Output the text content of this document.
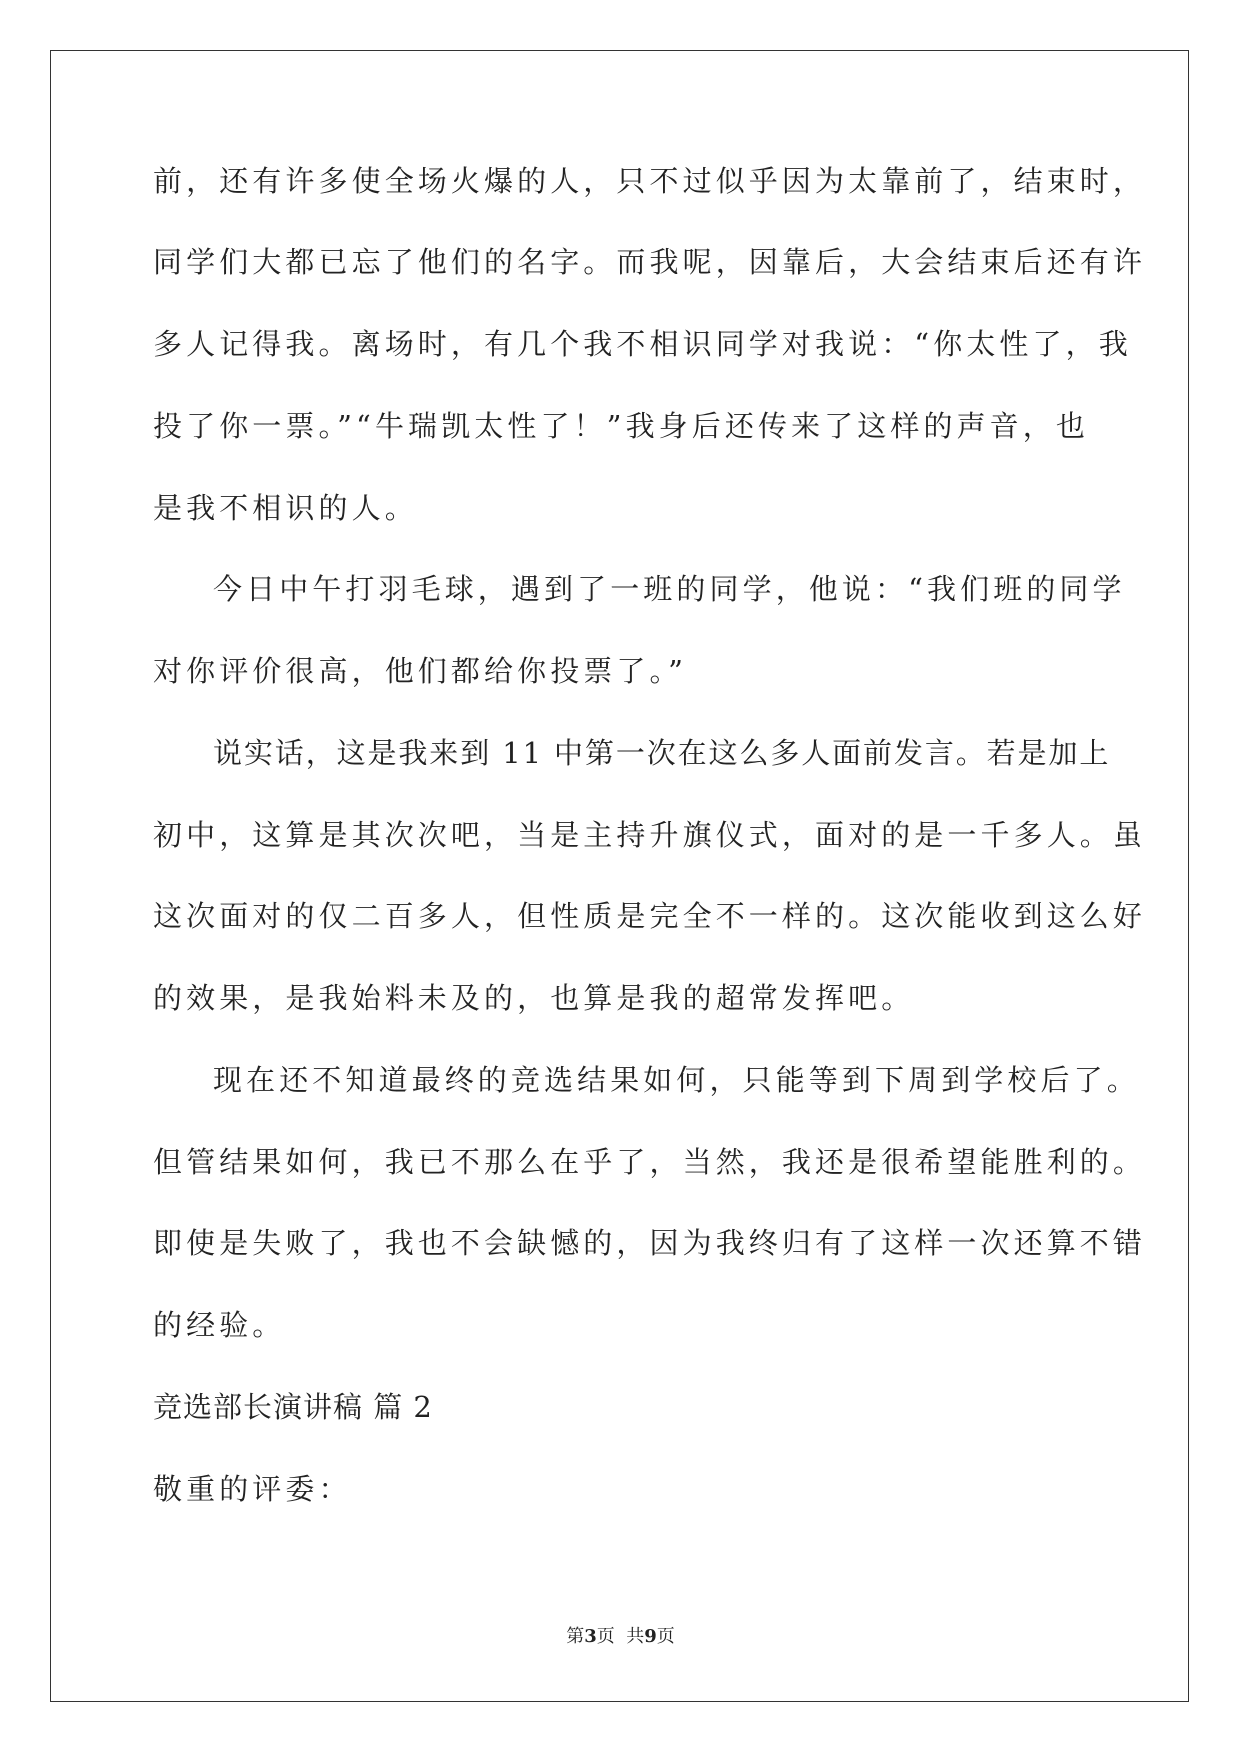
前，还有许多使全场火爆的人，只不过似乎因为太靠前了，结束时，
同学们大都已忘了他们的名字。而我呢，因靠后，大会结束后还有许
多人记得我。离场时，有几个我不相识同学对我说：“你太性了，我
投了你一票。”“牛瑞凯太性了！”我身后还传来了这样的声音，也
是我不相识的人。
今日中午打羽毛球，遇到了一班的同学，他说：“我们班的同学
对你评价很高，他们都给你投票了。”
说实话，这是我来到 11 中第一次在这么多人面前发言。若是加上
初中，这算是其次次吧，当是主持升旗仪式，面对的是一千多人。虽
这次面对的仅二百多人，但性质是完全不一样的。这次能收到这么好
的效果，是我始料未及的，也算是我的超常发挥吧。
现在还不知道最终的竞选结果如何，只能等到下周到学校后了。
但管结果如何，我已不那么在乎了，当然，我还是很希望能胜利的。
即使是失败了，我也不会缺憾的，因为我终归有了这样一次还算不错
的经验。
竞选部长演讲稿 篇 2
敬重的评委：
第3页  共9页
